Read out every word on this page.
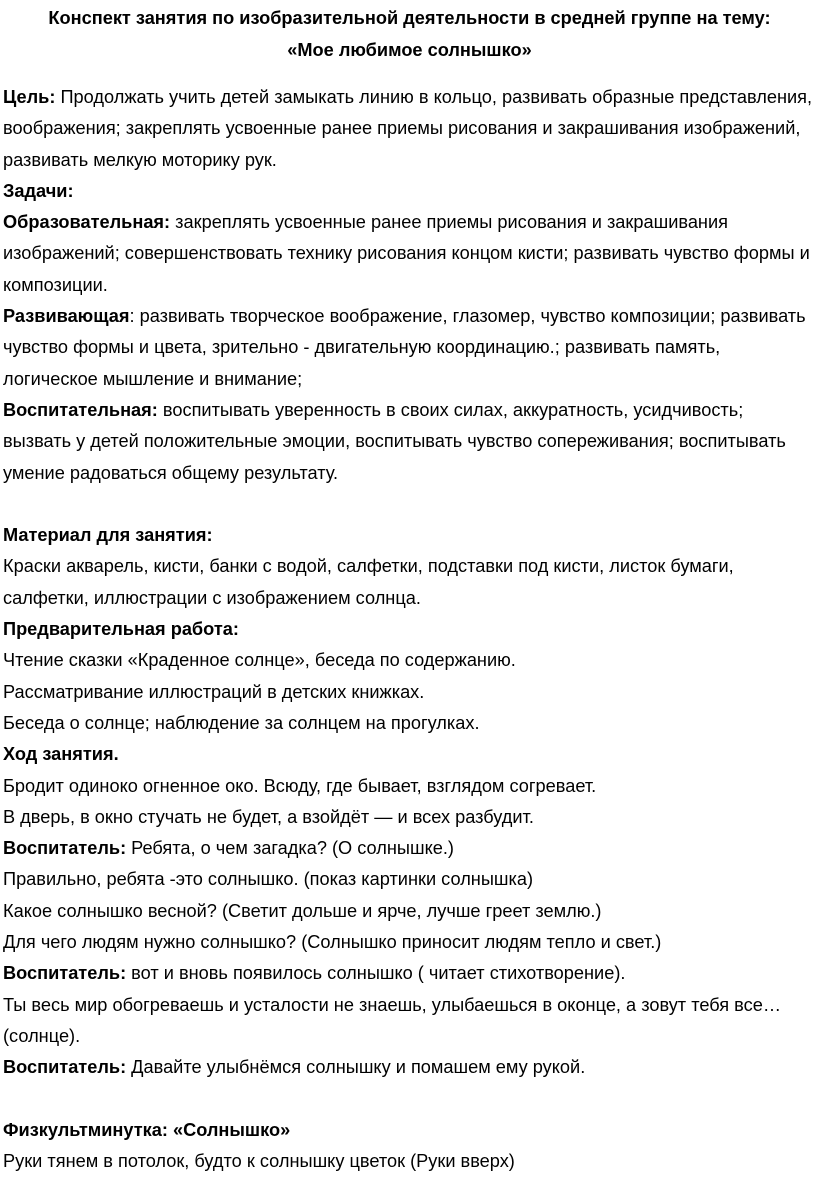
Конспект занятия по изобразительной деятельности в средней группе на тему:
«Мое любимое солнышко»

Цель: Продолжать учить детей замыкать линию в кольцо, развивать образные представления, воображения; закреплять усвоенные ранее приемы рисования и закрашивания изображений, развивать мелкую моторику рук.

Задачи:

Образовательная: закреплять усвоенные ранее приемы рисования и закрашивания изображений; совершенствовать технику рисования концом кисти; развивать чувство формы и композиции.

Развивающая: развивать творческое воображение, глазомер, чувство композиции; развивать чувство формы и цвета, зрительно - двигательную координацию.; развивать память, логическое мышление и внимание;

Воспитательная: воспитывать уверенность в своих силах, аккуратность, усидчивость; вызвать у детей положительные эмоции, воспитывать чувство сопереживания; воспитывать умение радоваться общему результату.

Материал для занятия:

Краски акварель, кисти, банки с водой, салфетки, подставки под кисти, листок бумаги, салфетки, иллюстрации с изображением солнца.

Предварительная работа:

Чтение сказки «Краденное солнце», беседа по содержанию.

Рассматривание иллюстраций в детских книжках.

Беседа о солнце; наблюдение за солнцем на прогулках.

Ход занятия.

Бродит одиноко огненное око. Всюду, где бывает, взглядом согревает.

В дверь, в окно стучать не будет, а взойдёт — и всех разбудит.

Воспитатель: Ребята, о чем загадка? (О солнышке.)

Правильно, ребята -это солнышко. (показ картинки солнышка)

Какое солнышко весной? (Светит дольше и ярче, лучше греет землю.)

Для чего людям нужно солнышко? (Солнышко приносит людям тепло и свет.)

Воспитатель: вот и вновь появилось солнышко ( читает стихотворение).

Ты весь мир обогреваешь и усталости не знаешь, улыбаешься в оконце, а зовут тебя все… (солнце).

Воспитатель: Давайте улыбнёмся солнышку и помашем ему рукой.

Физкультминутка: «Солнышко»

Руки тянем в потолок, будто к солнышку цветок (Руки вверх)
